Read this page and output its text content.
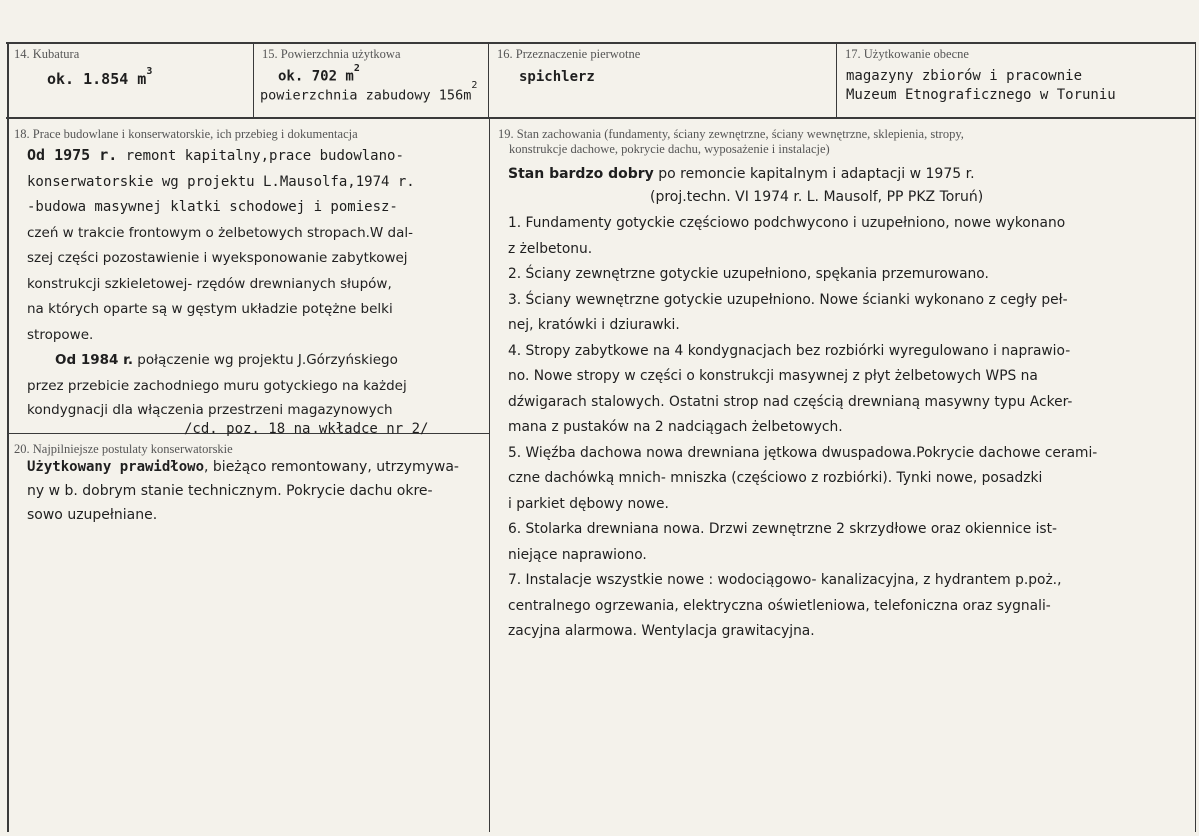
14. Kubatura
ok. 1.854 $m^3$
15. Powierzchnia użytkowa
ok. 702 $m^2$
powierzchnia zabudowy $156m^2$
16. Przeznaczenie pierwotne
spichlerz
17. Użytkowanie obecne
magazyny zbiorów i pracownie
Muzeum Etnograficznego w Toruniu
18. Prace budowlane i konserwatorskie, ich przebieg i dokumentacja
Od 1975 r. remont kapitalny,prace budowlano-
konserwatorskie wg projektu L.Mausolfa,1974 r.
-budowa masywnej klatki schodowej i pomiesz-
czeń w trakcie frontowym o żelbetowych stropach.W dal-
szej części pozostawienie i wyeksponowanie zabytkowej
konstrukcji szkieletowej- rzędów drewnianych słupów,
na których oparte są w gęstym układzie potężne belki
stropowe.
Od 1984 r. połączenie wg projektu J.Górzyńskiego
przez przebicie zachodniego muru gotyckiego na każdej
kondygnacji dla włączenia przestrzeni magazynowych
/cd. poz. 18 na wkładce nr 2/
20. Najpilniejsze postulaty konserwatorskie
Użytkowany prawidłowo, bieżąco remontowany, utrzymywa-
ny w b. dobrym stanie technicznym. Pokrycie dachu okre-
sowo uzupełniane.
19. Stan zachowania (fundamenty, ściany zewnętrzne, ściany wewnętrzne, sklepienia, stropy,
konstrukcje dachowe, pokrycie dachu, wyposażenie i instalacje)
Stan bardzo dobry po remoncie kapitalnym i adaptacji w 1975 r.
(proj.techn. VI 1974 r. L. Mausolf, PP PKZ Toruń)
1. Fundamenty gotyckie częściowo podchwycono i uzupełniono, nowe wykonano
z żelbetonu.
2. Ściany zewnętrzne gotyckie uzupełniono, spękania przemurowano.
3. Ściany wewnętrzne gotyckie uzupełniono. Nowe ścianki wykonano z cegły peł-
nej, kratówki i dziurawki.
4. Stropy zabytkowe na 4 kondygnacjach bez rozbiórki wyregulowano i naprawio-
no. Nowe stropy w części o konstrukcji masywnej z płyt żelbetowych WPS na
dźwigarach stalowych. Ostatni strop nad częścią drewnianą masywny typu Acker-
mana z pustaków na 2 nadciągach żelbetowych.
5. Więźba dachowa nowa drewniana jętkowa dwuspadowa.Pokrycie dachowe cerami-
czne dachówką mnich- mniszka (częściowo z rozbiórki). Tynki nowe, posadzki
i parkiet dębowy nowe.
6. Stolarka drewniana nowa. Drzwi zewnętrzne 2 skrzydłowe oraz okiennice ist-
niejące naprawiono.
7. Instalacje wszystkie nowe : wodociągowo- kanalizacyjna, z hydrantem p.poż.,
centralnego ogrzewania, elektryczna oświetleniowa, telefoniczna oraz sygnali-
zacyjna alarmowa. Wentylacja grawitacyjna.
